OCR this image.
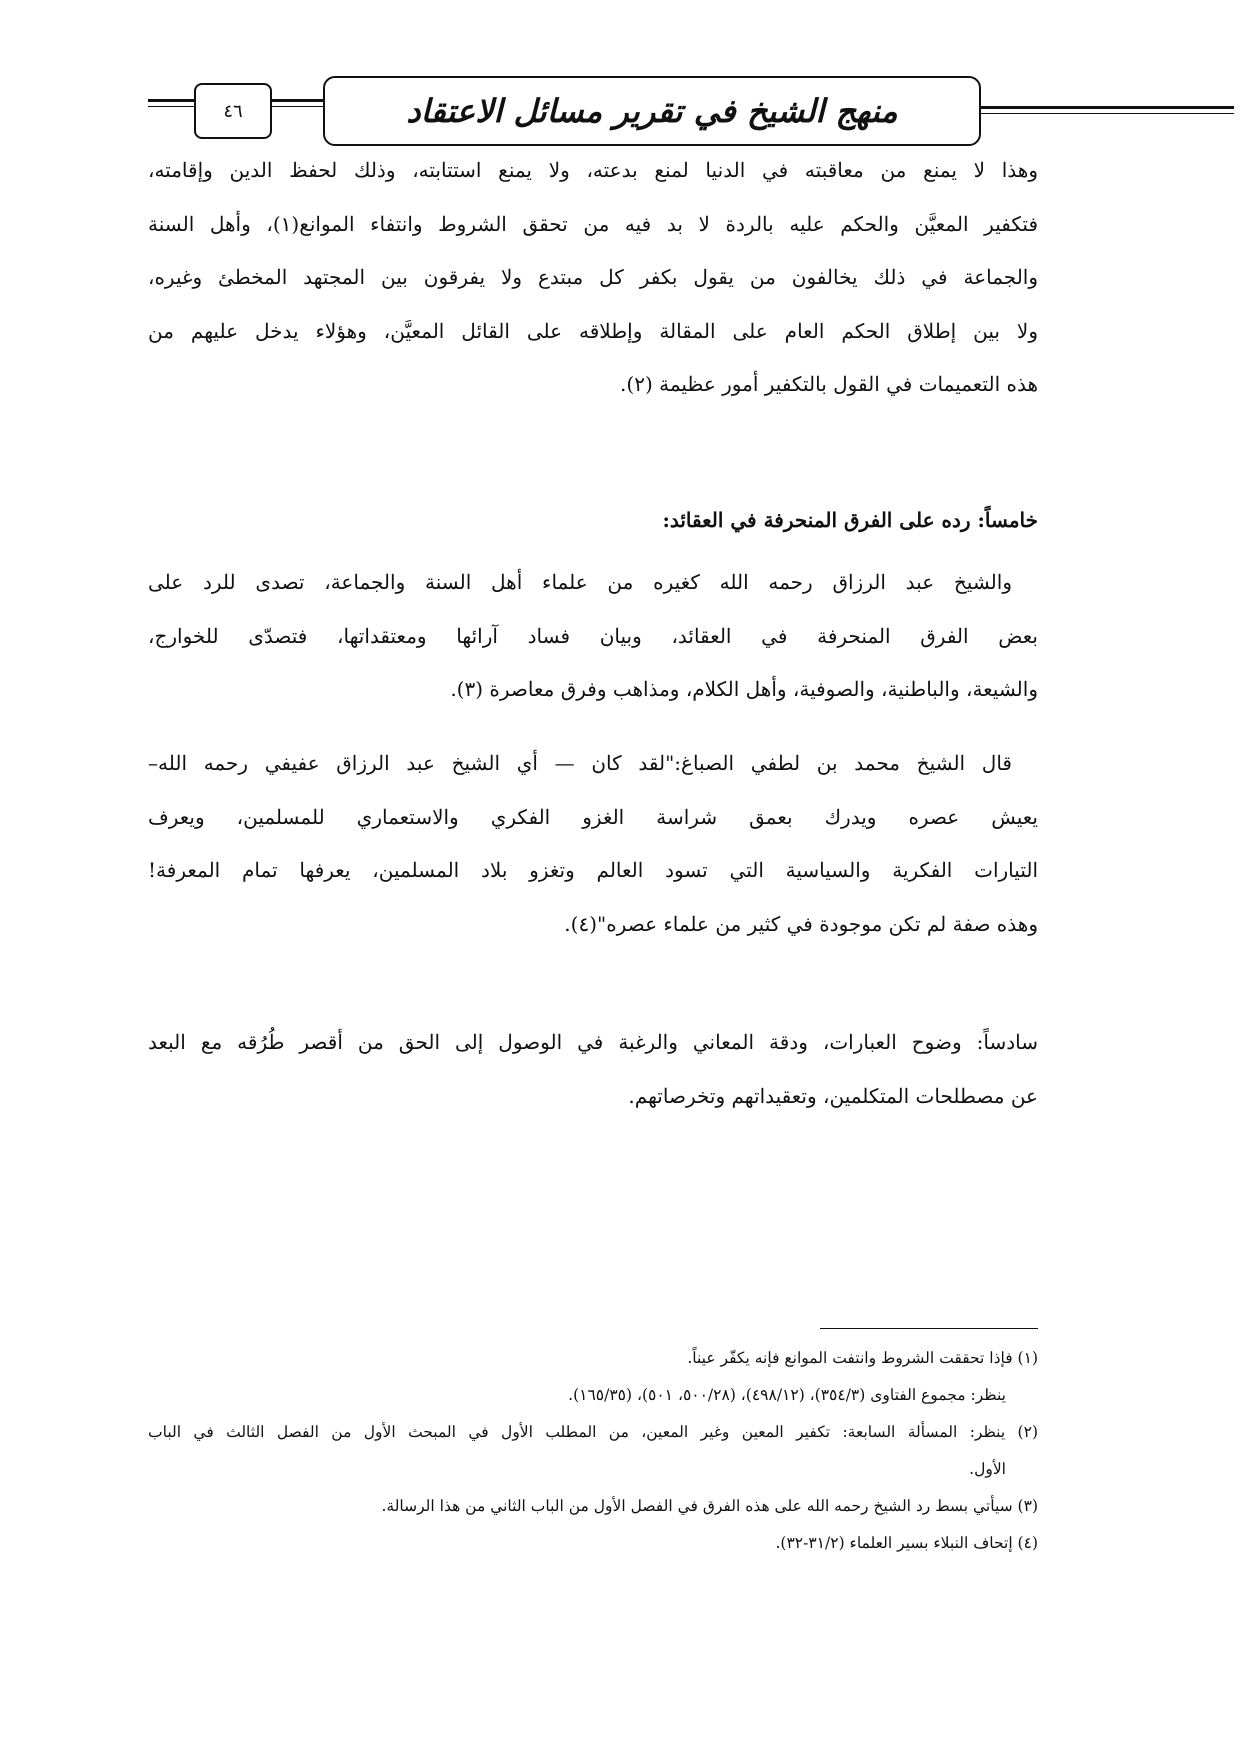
٤٦	منهج الشيخ في تقرير مسائل الاعتقاد
وهذا لا يمنع من معاقبته في الدنيا لمنع بدعته، ولا يمنع استتابته، وذلك لحفظ الدين وإقامته،
فتكفير المعيَّن والحكم عليه بالردة لا بد فيه من تحقق الشروط وانتفاء الموانع(١)، وأهل السنة
والجماعة في ذلك يخالفون من يقول بكفر كل مبتدع ولا يفرقون بين المجتهد المخطئ وغيره،
ولا بين إطلاق الحكم العام على المقالة وإطلاقه على القائل المعيَّن، وهؤلاء يدخل عليهم من
هذه التعميمات في القول بالتكفير أمور عظيمة (٢).
خامساً: رده على الفرق المنحرفة في العقائد:
والشيخ عبد الرزاق رحمه الله كغيره من علماء أهل السنة والجماعة، تصدى للرد على
بعض الفرق المنحرفة في العقائد، وبيان فساد آرائها ومعتقداتها، فتصدّى للخوارج،
والشيعة، والباطنية، والصوفية، وأهل الكلام، ومذاهب وفرق معاصرة (٣).
قال الشيخ محمد بن لطفي الصباغ:"لقد كان — أي الشيخ عبد الرزاق عفيفي رحمه الله–
يعيش عصره ويدرك بعمق شراسة الغزو الفكري والاستعماري للمسلمين، ويعرف
التيارات الفكرية والسياسية التي تسود العالم وتغزو بلاد المسلمين، يعرفها تمام المعرفة!
وهذه صفة لم تكن موجودة في كثير من علماء عصره"(٤).
سادساً: وضوح العبارات، ودقة المعاني والرغبة في الوصول إلى الحق من أقصر طُرُقه مع البعد
عن مصطلحات المتكلمين، وتعقيداتهم وتخرصاتهم.
(١) فإذا تحققت الشروط وانتفت الموانع فإنه يكفّر عيناً.
ينظر: مجموع الفتاوى (٣٥٤/٣)، (٤٩٨/١٢)، (٥٠٠/٢٨، ٥٠١)، (١٦٥/٣٥).
(٢) ينظر: المسألة السابعة: تكفير المعين وغير المعين، من المطلب الأول في المبحث الأول من الفصل الثالث في الباب
الأول.
(٣) سيأتي بسط رد الشيخ رحمه الله على هذه الفرق في الفصل الأول من الباب الثاني من هذا الرسالة.
(٤) إتحاف النبلاء بسير العلماء (٣١/٢-٣٢).
